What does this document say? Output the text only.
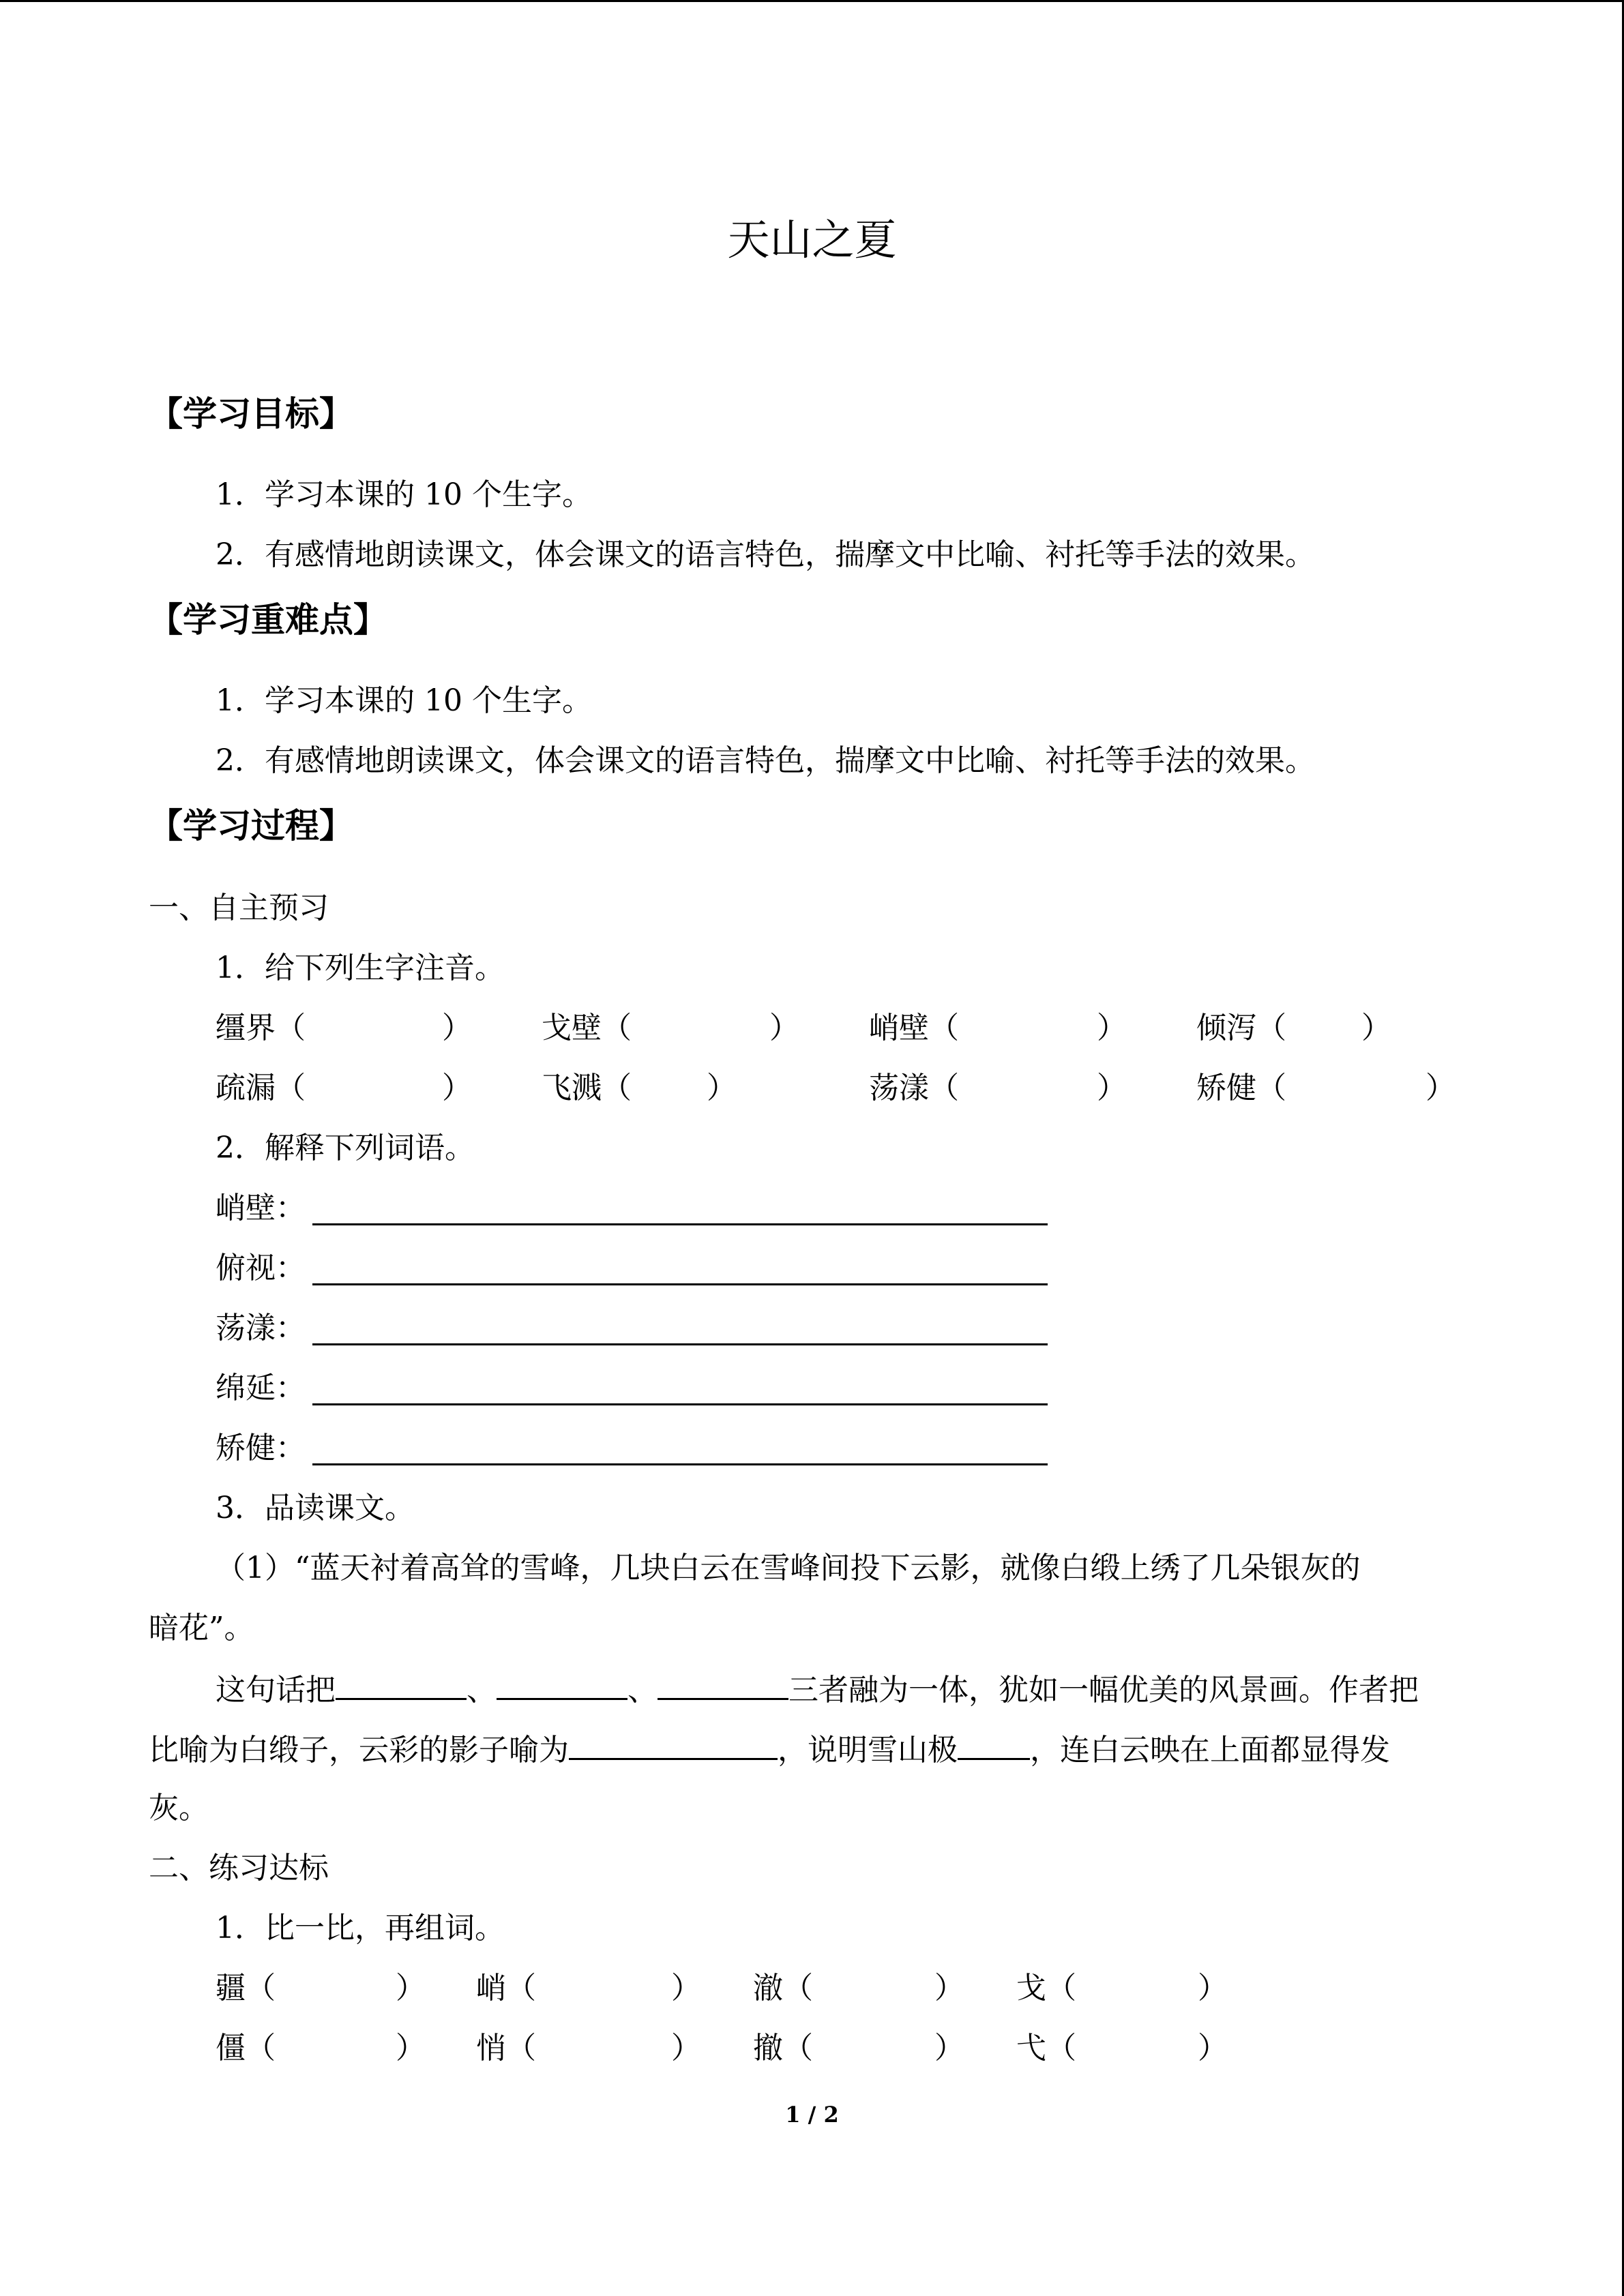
天山之夏
【学习目标】
1．学习本课的 10 个生字。
2．有感情地朗读课文，体会课文的语言特色，揣摩文中比喻、衬托等手法的效果。
【学习重难点】
1．学习本课的 10 个生字。
2．有感情地朗读课文，体会课文的语言特色，揣摩文中比喻、衬托等手法的效果。
【学习过程】
一、自主预习
1．给下列生字注音。
缰界（	） 戈壁（	） 峭壁（	） 倾泻（	）
疏漏（	） 飞溅（	）	荡漾（	） 矫健（	）
2．解释下列词语。
峭壁：
俯视：
荡漾：
绵延：
矫健：
3．品读课文。
（1）“蓝天衬着高耸的雪峰，几块白云在雪峰间投下云影，就像白缎上绣了几朵银灰的
暗花”。
这句话把	、	、	三者融为一体，犹如一幅优美的风景画。作者把
比喻为白缎子，云彩的影子喻为	，说明雪山极 ，连白云映在上面都显得发
灰。
二、练习达标
1．比一比，再组词。
疆（	） 峭（	） 澈（	） 戈（	）
僵（	） 悄（	） 撤（	） 弋（	）
1 / 2
